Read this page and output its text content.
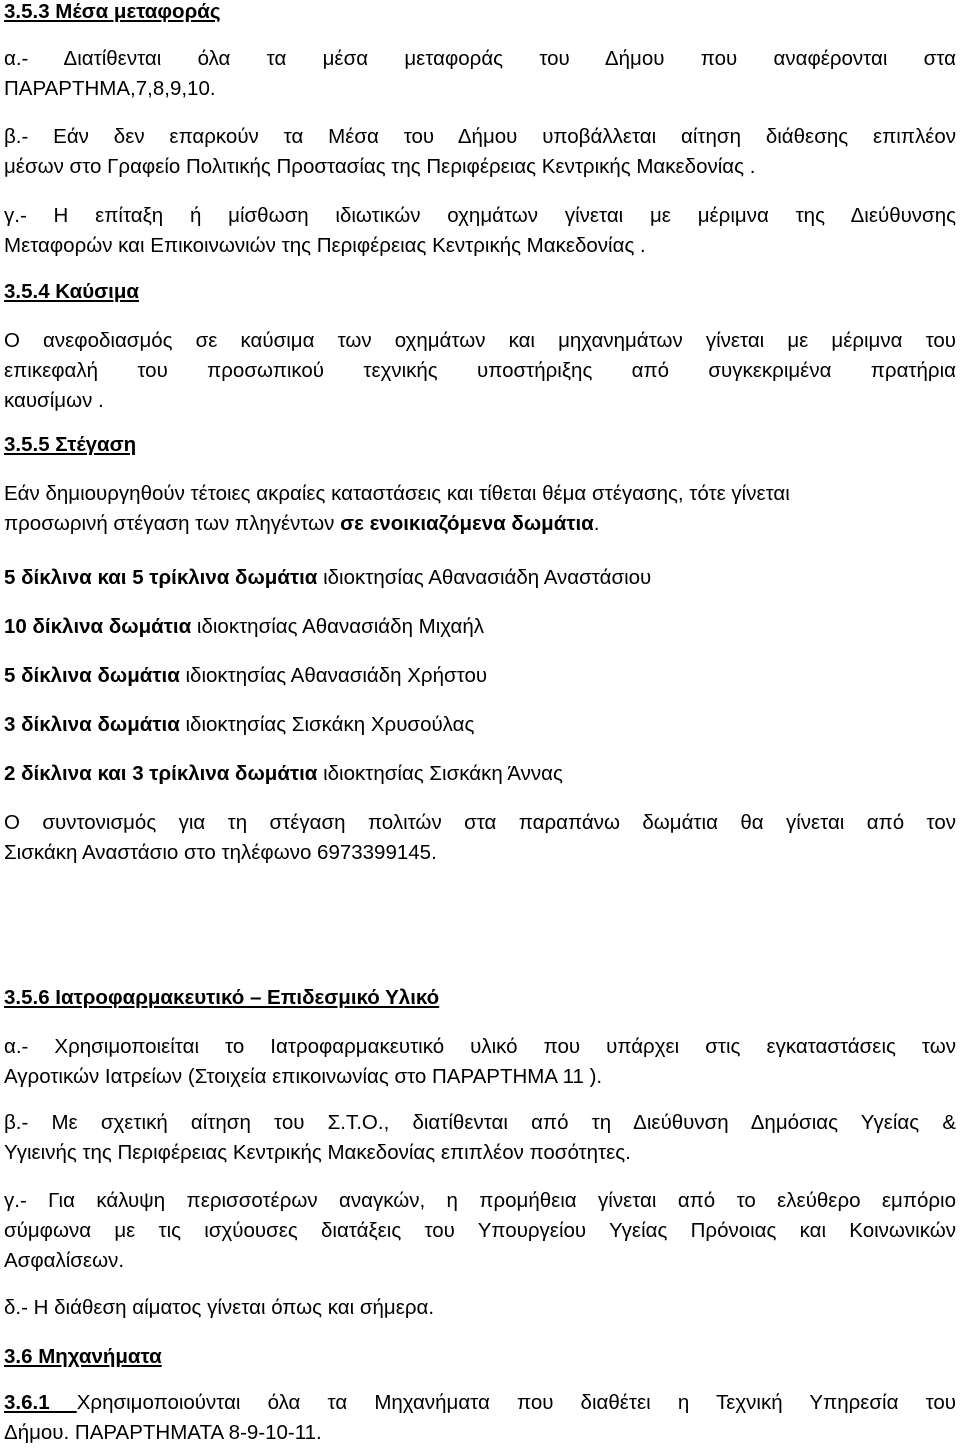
3.5.3 Μέσα μεταφοράς
α.- Διατίθενται όλα τα μέσα μεταφοράς του Δήμου που αναφέρονται στα
ΠΑΡΑΡΤΗΜΑ,7,8,9,10.
β.- Εάν δεν επαρκούν τα Μέσα του Δήμου υποβάλλεται αίτηση διάθεσης επιπλέον
μέσων στο Γραφείο Πολιτικής Προστασίας της Περιφέρειας Κεντρικής Μακεδονίας .
γ.- Η επίταξη ή μίσθωση ιδιωτικών οχημάτων γίνεται με μέριμνα της Διεύθυνσης
Μεταφορών και Επικοινωνιών της Περιφέρειας Κεντρικής Μακεδονίας .
3.5.4 Καύσιμα
Ο ανεφοδιασμός σε καύσιμα των οχημάτων και μηχανημάτων γίνεται με μέριμνα του
επικεφαλή του προσωπικού τεχνικής υποστήριξης από συγκεκριμένα πρατήρια
καυσίμων .
3.5.5 Στέγαση
Εάν δημιουργηθούν τέτοιες ακραίες καταστάσεις και τίθεται θέμα στέγασης, τότε γίνεται
προσωρινή στέγαση των πληγέντων σε ενοικιαζόμενα δωμάτια.
5 δίκλινα και 5 τρίκλινα δωμάτια ιδιοκτησίας Αθανασιάδη Αναστάσιου
10 δίκλινα δωμάτια ιδιοκτησίας Αθανασιάδη Μιχαήλ
5 δίκλινα δωμάτια ιδιοκτησίας Αθανασιάδη Χρήστου
3 δίκλινα δωμάτια ιδιοκτησίας Σισκάκη Χρυσούλας
2 δίκλινα και 3 τρίκλινα δωμάτια ιδιοκτησίας Σισκάκη Άννας
Ο συντονισμός για τη στέγαση πολιτών στα παραπάνω δωμάτια θα γίνεται από τον
Σισκάκη Αναστάσιο στο τηλέφωνο 6973399145.
3.5.6 Ιατροφαρμακευτικό – Επιδεσμικό Υλικό
α.- Χρησιμοποιείται το Ιατροφαρμακευτικό υλικό που υπάρχει στις εγκαταστάσεις των
Αγροτικών Ιατρείων (Στοιχεία επικοινωνίας στο ΠΑΡΑΡΤΗΜΑ 11 ).
β.- Με σχετική αίτηση του Σ.Τ.Ο., διατίθενται από τη Διεύθυνση Δημόσιας Υγείας &
Υγιεινής της Περιφέρειας Κεντρικής Μακεδονίας επιπλέον ποσότητες.
γ.- Για κάλυψη περισσοτέρων αναγκών, η προμήθεια γίνεται από το ελεύθερο εμπόριο
σύμφωνα με τις ισχύουσες διατάξεις του Υπουργείου Υγείας Πρόνοιας και Κοινωνικών
Ασφαλίσεων.
δ.- Η διάθεση αίματος γίνεται όπως και σήμερα.
3.6 Μηχανήματα
3.6.1 Χρησιμοποιούνται όλα τα Μηχανήματα που διαθέτει η Τεχνική Υπηρεσία του
Δήμου. ΠΑΡΑΡΤΗΜΑΤΑ 8-9-10-11.
